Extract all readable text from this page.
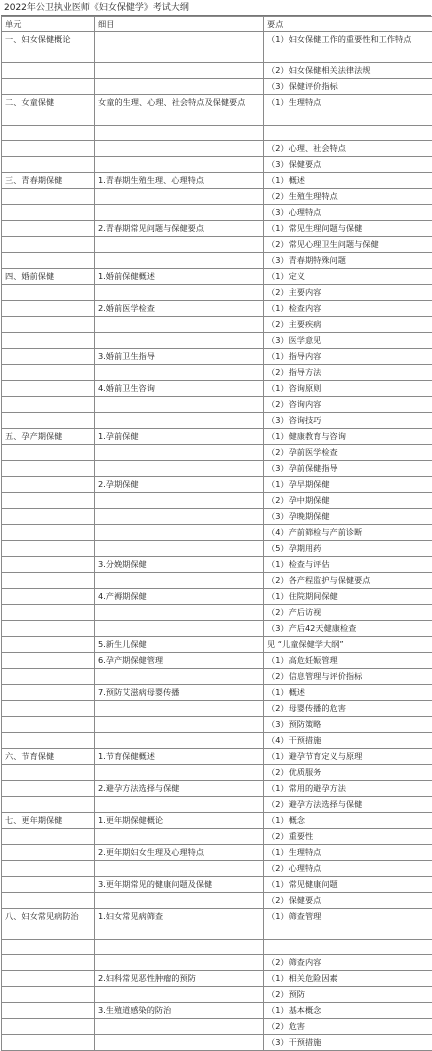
2022年公卫执业医师《妇女保健学》考试大纲
单元	细目	要点
一、妇女保健概论		（1）妇女保健工作的重要性和工作特点
		（2）妇女保健相关法律法规
		（3）保健评价指标
二、女童保健	女童的生理、心理、社会特点及保健要点	（1）生理特点

		（2）心理、社会特点
		（3）保健要点
三、青春期保健	1.青春期生殖生理、心理特点	（1）概述
		（2）生殖生理特点
		（3）心理特点
	2.青春期常见问题与保健要点	（1）常见生理问题与保健
		（2）常见心理卫生问题与保健
		（3）青春期特殊问题
四、婚前保健	1.婚前保健概述	（1）定义
		（2）主要内容
	2.婚前医学检查	（1）检查内容
		（2）主要疾病
		（3）医学意见
	3.婚前卫生指导	（1）指导内容
		（2）指导方法
	4.婚前卫生咨询	（1）咨询原则
		（2）咨询内容
		（3）咨询技巧
五、孕产期保健	1.孕前保健	（1）健康教育与咨询
		（2）孕前医学检查
		（3）孕前保健指导
	2.孕期保健	（1）孕早期保健
		（2）孕中期保健
		（3）孕晚期保健
		（4）产前筛检与产前诊断
		（5）孕期用药
	3.分娩期保健	（1）检查与评估
		（2）各产程监护与保健要点
	4.产褥期保健	（1）住院期间保健
		（2）产后访视
		（3）产后42天健康检查
	5.新生儿保健	见 “儿童保健学大纲”
	6.孕产期保健管理	（1）高危妊娠管理
		（2）信息管理与评价指标
	7.预防艾滋病母婴传播	（1）概述
		（2）母婴传播的危害
		（3）预防策略
		（4）干预措施
六、节育保健	1.节育保健概述	（1）避孕节育定义与原理
		（2）优质服务
	2.避孕方法选择与保健	（1）常用的避孕方法
		（2）避孕方法选择与保健
七、更年期保健	1.更年期保健概论	（1）概念
		（2）重要性
	2.更年期妇女生理及心理特点	（1）生理特点
		（2）心理特点
	3.更年期常见的健康问题及保健	（1）常见健康问题
		（2）保健要点
八、妇女常见病防治	1.妇女常见病筛查	（1）筛查管理

		（2）筛查内容
	2.妇科常见恶性肿瘤的预防	（1）相关危险因素
		（2）预防
	3.生殖道感染的防治	（1）基本概念
		（2）危害
		（3）干预措施
